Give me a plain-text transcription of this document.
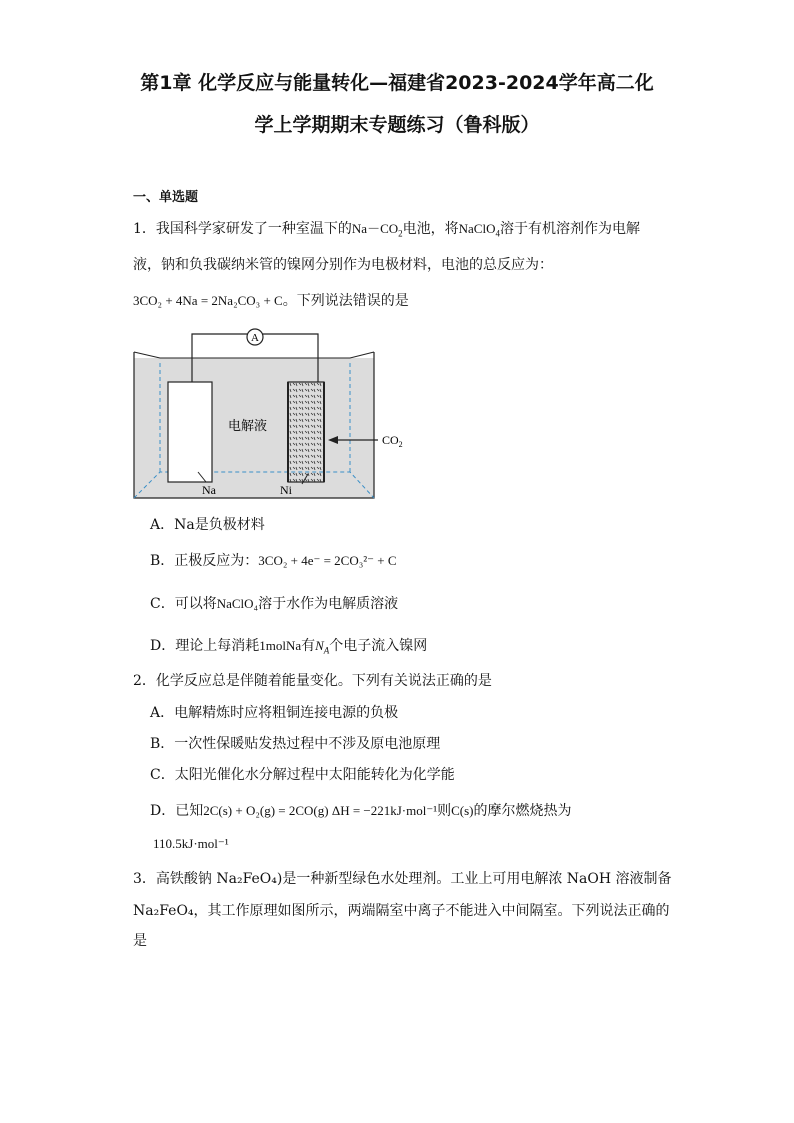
第1章 化学反应与能量转化—福建省2023-2024学年高二化
学上学期期末专题练习（鲁科版）
一、单选题
1．我国科学家研发了一种室温下的$Na-CO_2$电池，将NaClO$_4$溶于有机溶剂作为电解
液，钠和负我碳纳米管的镍网分别作为电极材料，电池的总反应为：
3CO₂ + 4Na = 2Na₂CO₃ + C。下列说法错误的是
A
电解液
Na	Ni
$CO_2$
A．Na是负极材料
B．正极反应为：3CO₂ + 4e⁻ = 2CO₃²⁻ + C
C．可以将NaClO₄溶于水作为电解质溶液
D．理论上每消耗1molNa有$N_A$个电子流入镍网
2．化学反应总是伴随着能量变化。下列有关说法正确的是
A．电解精炼时应将粗铜连接电源的负极
B．一次性保暖贴发热过程中不涉及原电池原理
C．太阳光催化水分解过程中太阳能转化为化学能
D．已知2C(s) + O₂(g) = 2CO(g) ΔH = −221kJ·mol⁻¹则C(s)的摩尔燃烧热为
110.5kJ·mol⁻¹
3．高铁酸钠 Na₂FeO₄)是一种新型绿色水处理剂。工业上可用电解浓 NaOH 溶液制备
Na₂FeO₄，其工作原理如图所示，两端隔室中离子不能进入中间隔室。下列说法正确的
是
